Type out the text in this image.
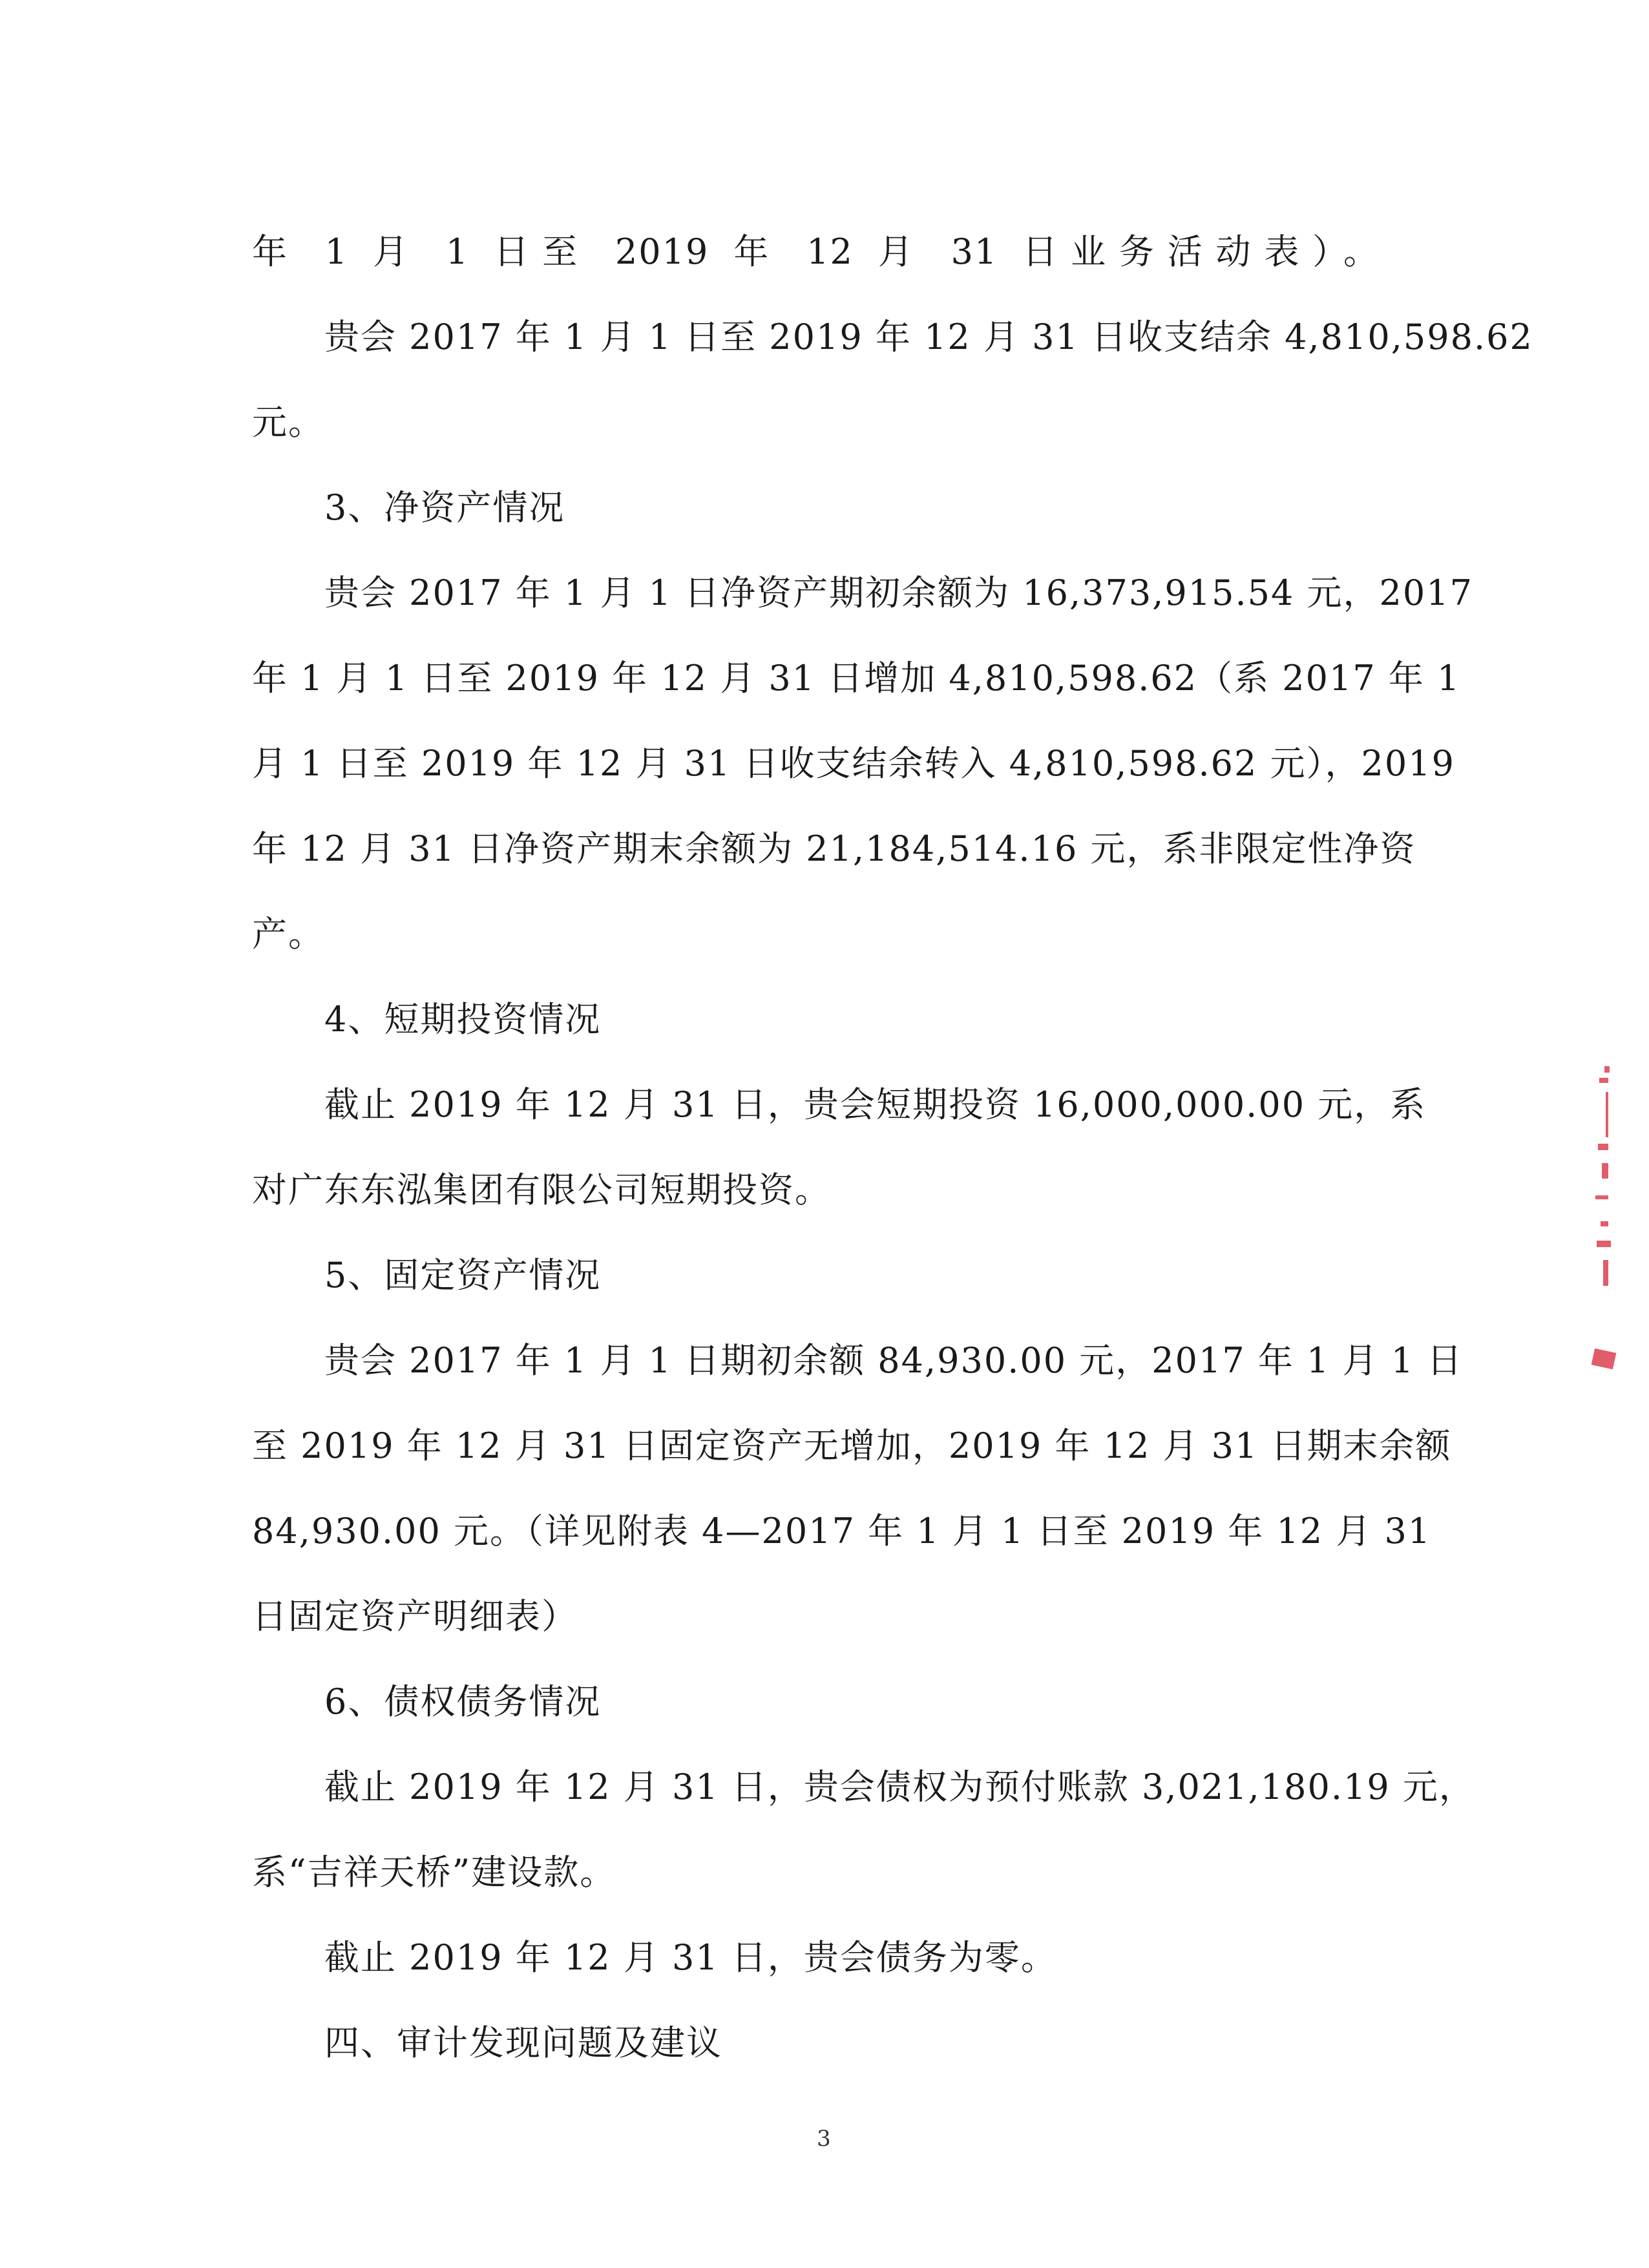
年 1 月 1 日至 2019 年 12 月 31 日业务活动表）。
贵会 2017 年 1 月 1 日至 2019 年 12 月 31 日收支结余 4,810,598.62
元。
3、净资产情况
贵会 2017 年 1 月 1 日净资产期初余额为 16,373,915.54 元，2017
年 1 月 1 日至 2019 年 12 月 31 日增加 4,810,598.62（系 2017 年 1
月 1 日至 2019 年 12 月 31 日收支结余转入 4,810,598.62 元），2019
年 12 月 31 日净资产期末余额为 21,184,514.16 元，系非限定性净资
产。
4、短期投资情况
截止 2019 年 12 月 31 日，贵会短期投资 16,000,000.00 元，系
对广东东泓集团有限公司短期投资。
5、固定资产情况
贵会 2017 年 1 月 1 日期初余额 84,930.00 元，2017 年 1 月 1 日
至 2019 年 12 月 31 日固定资产无增加，2019 年 12 月 31 日期末余额
84,930.00 元。（详见附表 4—2017 年 1 月 1 日至 2019 年 12 月 31
日固定资产明细表）
6、债权债务情况
截止 2019 年 12 月 31 日，贵会债权为预付账款 3,021,180.19 元，
系“吉祥天桥”建设款。
截止 2019 年 12 月 31 日，贵会债务为零。
四、审计发现问题及建议
3
